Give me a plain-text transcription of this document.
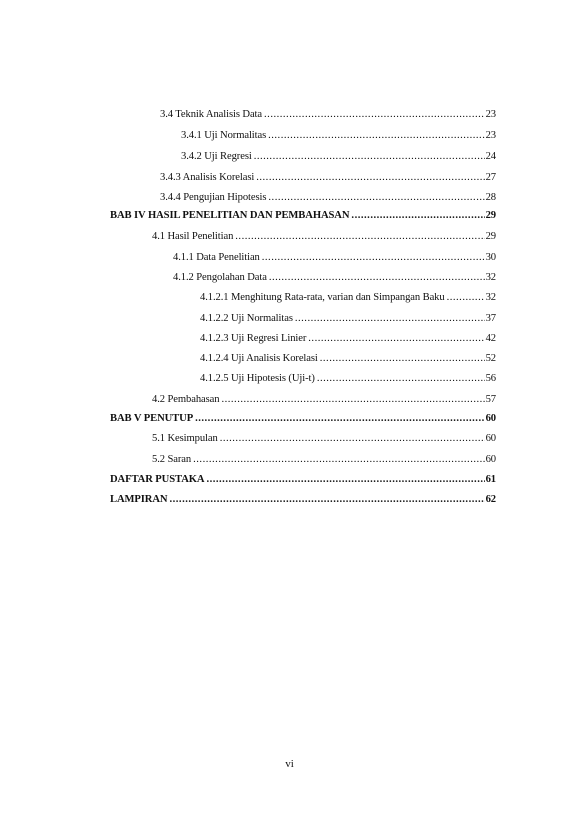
3.4 Teknik Analisis Data .....	23
3.4.1 Uji Normalitas .....	23
3.4.2 Uji Regresi .....	24
3.4.3 Analisis Korelasi .....	27
3.4.4 Pengujian Hipotesis .....	28
BAB IV HASIL PENELITIAN DAN PEMBAHASAN .....	29
4.1 Hasil Penelitian .....	29
4.1.1 Data Penelitian .....	30
4.1.2 Pengolahan Data .....	32
4.1.2.1 Menghitung Rata-rata, varian dan Simpangan Baku .....	32
4.1.2.2 Uji Normalitas .....	37
4.1.2.3 Uji Regresi Linier .....	42
4.1.2.4 Uji Analisis Korelasi .....	52
4.1.2.5 Uji Hipotesis (Uji-t) .....	56
4.2 Pembahasan .....	57
BAB V PENUTUP .....	60
5.1 Kesimpulan .....	60
5.2 Saran .....	60
DAFTAR PUSTAKA .....	61
LAMPIRAN .....	62
vi
